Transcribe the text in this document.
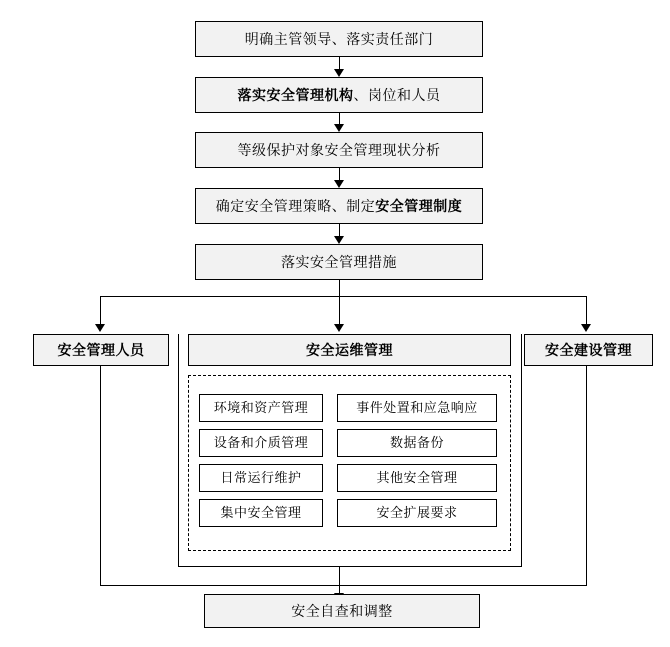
明确主管领导、落实责任部门
落实安全管理机构、岗位和人员
等级保护对象安全管理现状分析
确定安全管理策略、制定安全管理制度
落实安全管理措施
安全管理人员	安全运维管理	安全建设管理
环境和资产管理
设备和介质管理
日常运行维护
集中安全管理
事件处置和应急响应
数据备份
其他安全管理
安全扩展要求
安全自查和调整
